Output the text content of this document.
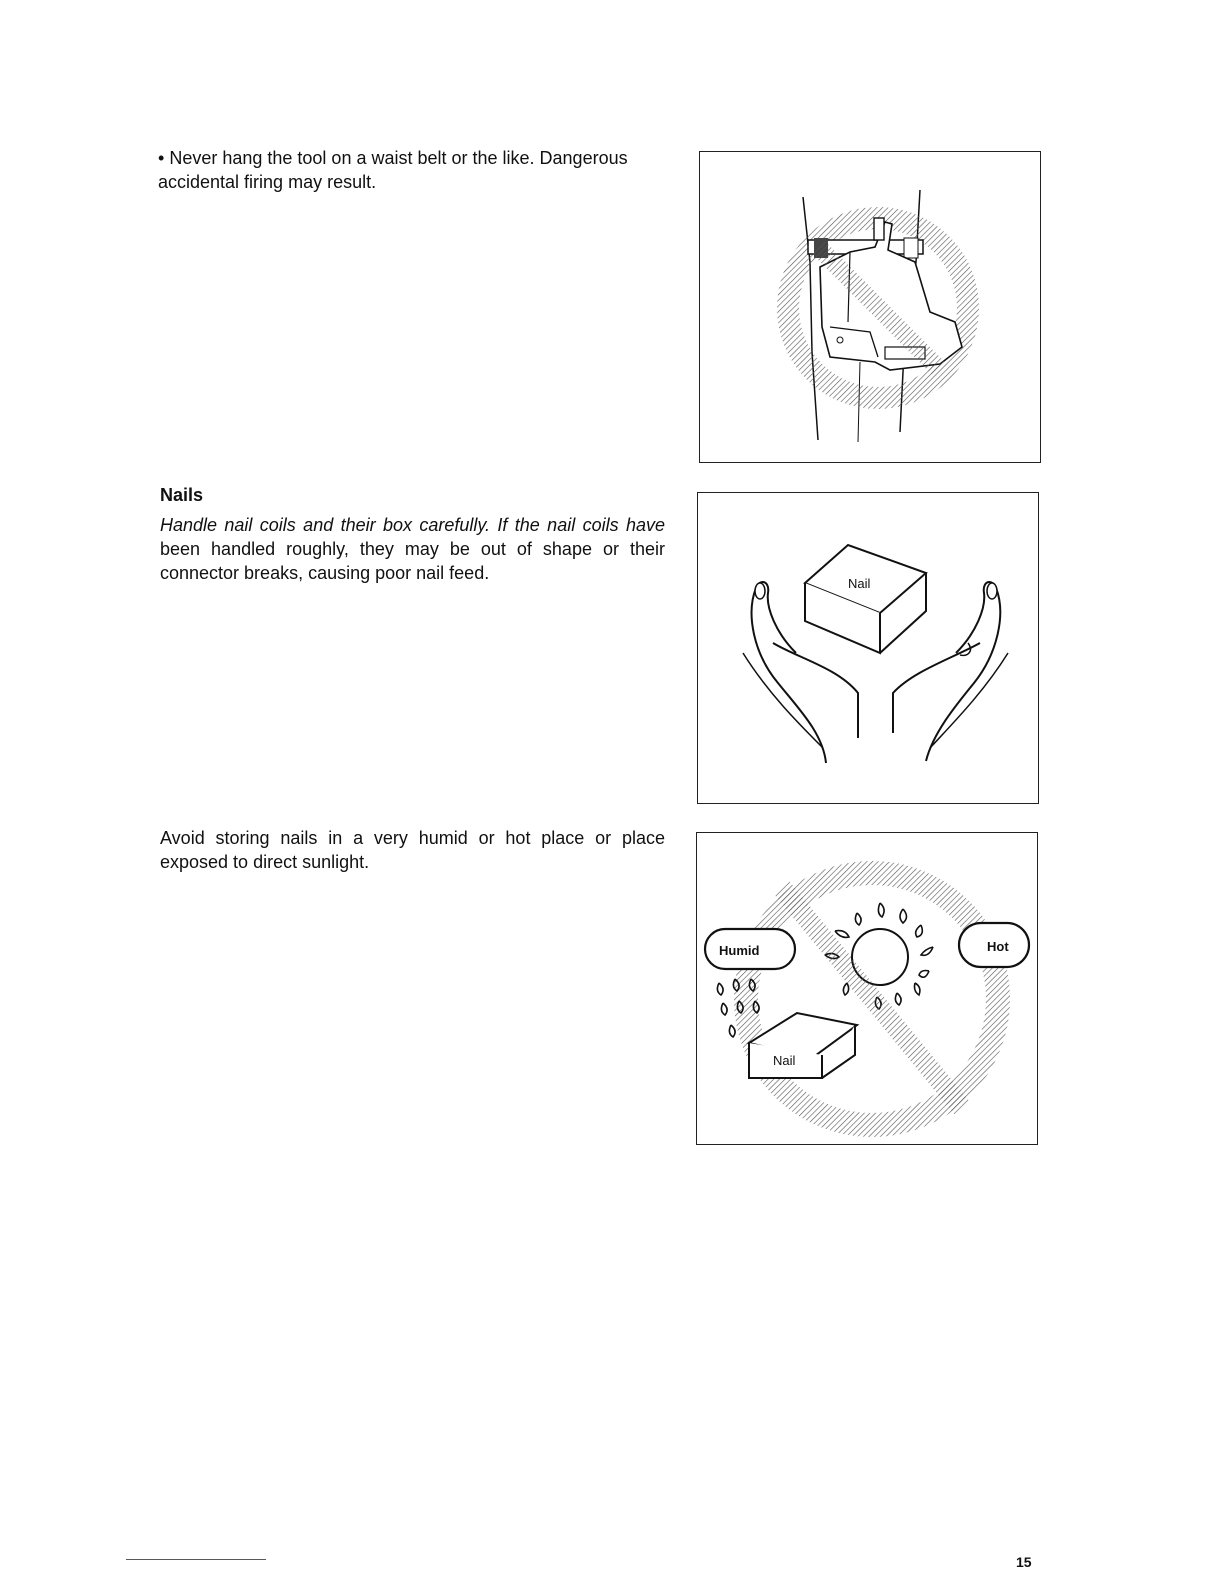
• Never hang the tool on a waist belt or the like. Dangerous
accidental firing may result.
Nails
Handle nail coils and their box carefully. If the nail coils have been handled roughly, they may be out of shape or their connector breaks, causing poor nail feed.
Nail
Avoid storing nails in a very humid or hot place or place exposed to direct sunlight.
Humid	Hot
Nail
15
